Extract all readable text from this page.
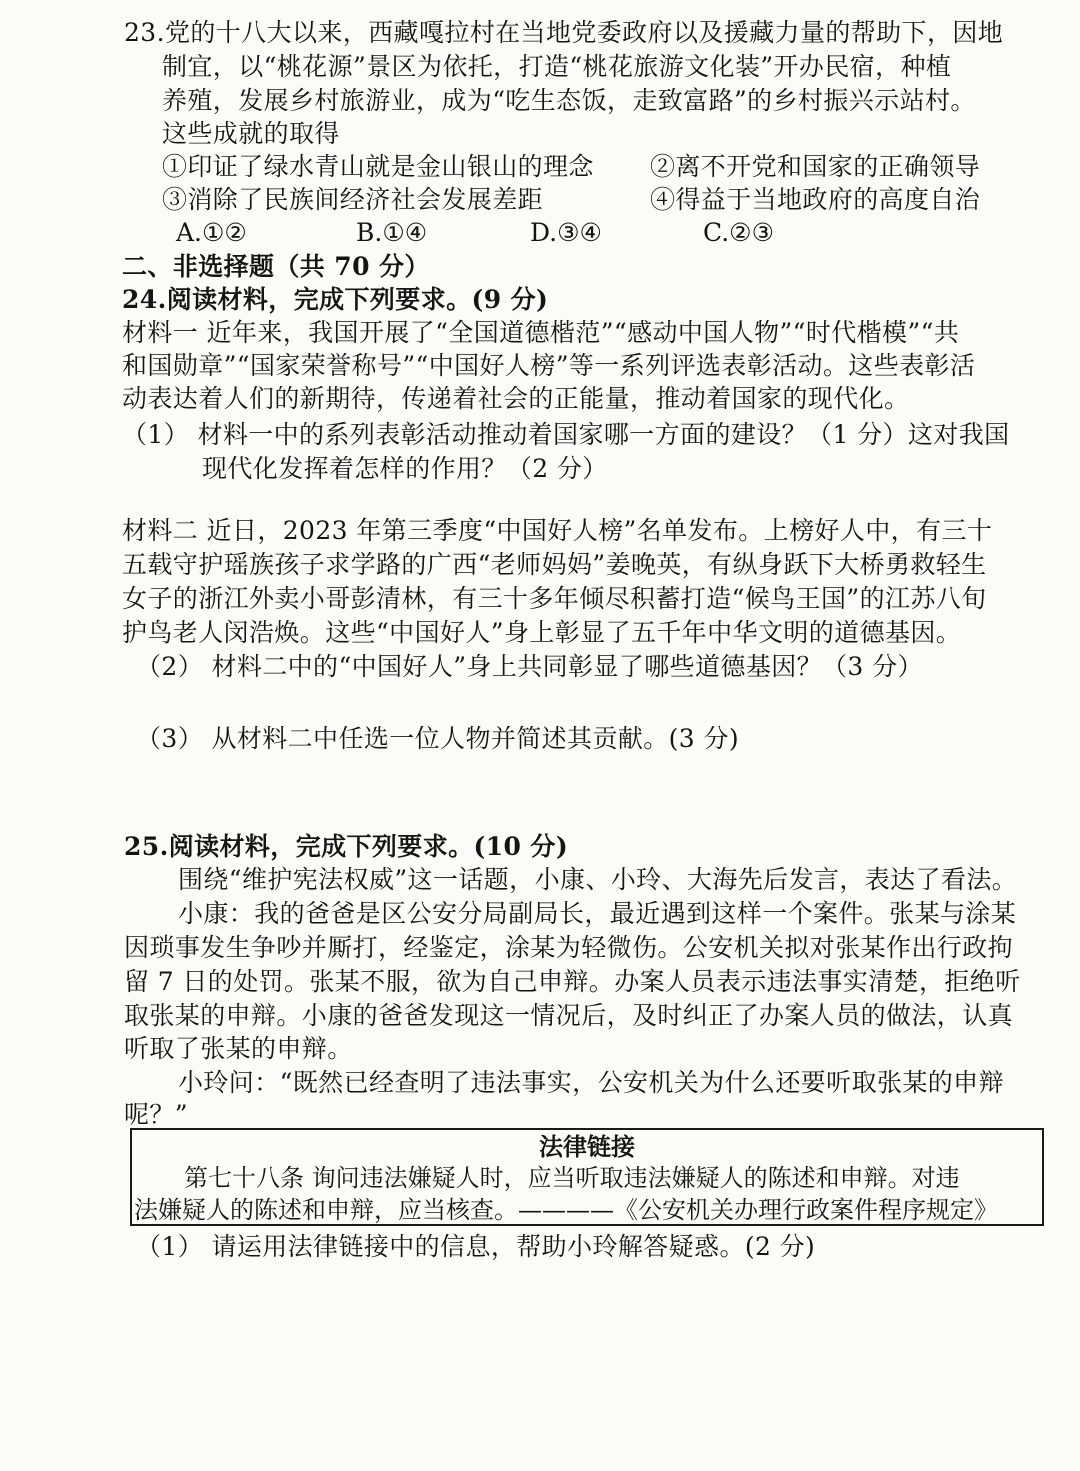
23.党的十八大以来，西藏嘎拉村在当地党委政府以及援藏力量的帮助下，因地
制宜，以“桃花源”景区为依托，打造“桃花旅游文化装”开办民宿，种植
养殖，发展乡村旅游业，成为“吃生态饭，走致富路”的乡村振兴示站村。
这些成就的取得
①印证了绿水青山就是金山银山的理念 ②离不开党和国家的正确领导
③消除了民族间经济社会发展差距	④得益于当地政府的高度自治
A.①②	B.①④	D.③④	C.②③
二、非选择题（共 70 分）
24.阅读材料，完成下列要求。(9 分)
材料一 近年来，我国开展了“全国道德楷范”“感动中国人物”“时代楷模”“共
和国勋章”“国家荣誉称号”“中国好人榜”等一系列评选表彰活动。这些表彰活
动表达着人们的新期待，传递着社会的正能量，推动着国家的现代化。
（1） 材料一中的系列表彰活动推动着国家哪一方面的建设？（1 分）这对我国
现代化发挥着怎样的作用？（2 分）
材料二 近日，2023 年第三季度“中国好人榜”名单发布。上榜好人中，有三十
五载守护瑶族孩子求学路的广西“老师妈妈”姜晚英，有纵身跃下大桥勇救轻生
女子的浙江外卖小哥彭清林，有三十多年倾尽积蓄打造“候鸟王国”的江苏八旬
护鸟老人闵浩焕。这些“中国好人”身上彰显了五千年中华文明的道德基因。
（2） 材料二中的“中国好人”身上共同彰显了哪些道德基因？（3 分）
（3） 从材料二中任选一位人物并简述其贡献。(3 分)
25.阅读材料，完成下列要求。(10 分)
围绕“维护宪法权威”这一话题，小康、小玲、大海先后发言，表达了看法。
小康：我的爸爸是区公安分局副局长，最近遇到这样一个案件。张某与涂某
因琐事发生争吵并厮打，经鉴定，涂某为轻微伤。公安机关拟对张某作出行政拘
留 7 日的处罚。张某不服，欲为自己申辩。办案人员表示违法事实清楚，拒绝听
取张某的申辩。小康的爸爸发现这一情况后，及时纠正了办案人员的做法，认真
听取了张某的申辩。
小玲问：“既然已经查明了违法事实，公安机关为什么还要听取张某的申辩
呢？”
法律链接
第七十八条 询问违法嫌疑人时，应当听取违法嫌疑人的陈述和申辩。对违
法嫌疑人的陈述和申辩，应当核查。————《公安机关办理行政案件程序规定》
（1） 请运用法律链接中的信息，帮助小玲解答疑惑。(2 分)
